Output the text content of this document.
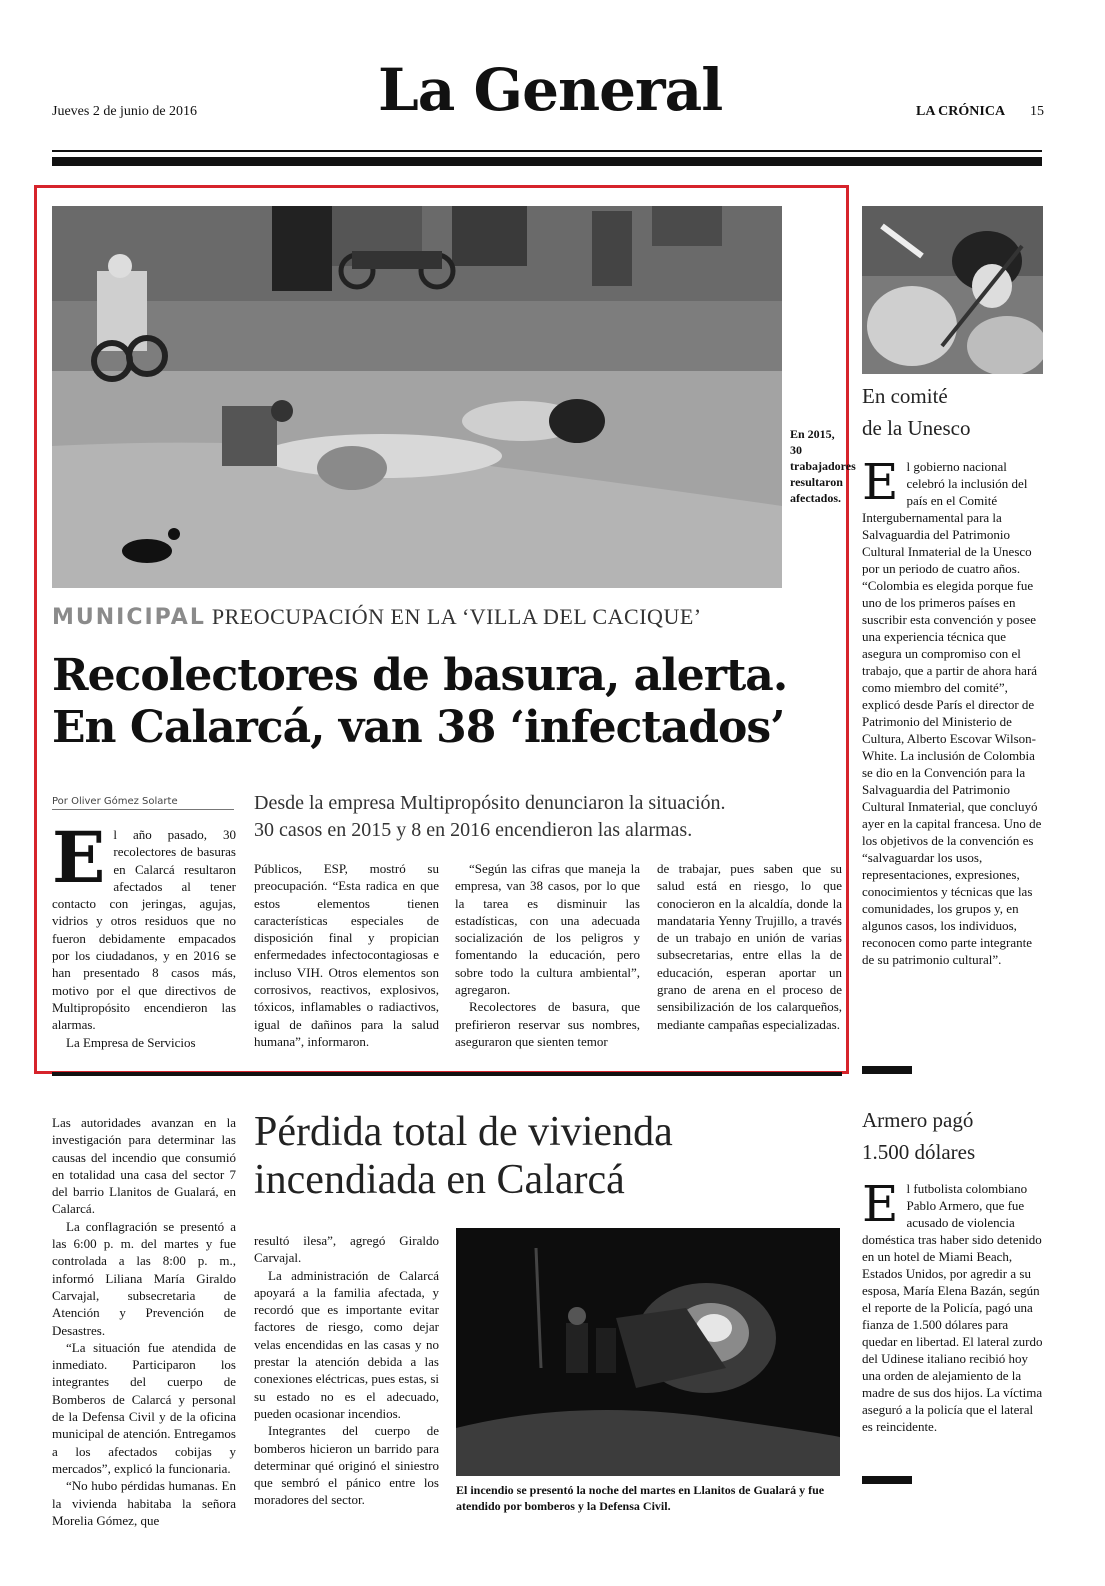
Jueves 2 de junio de 2016	La General	LA CRÓNICA 15
En 2015, 30 trabajadores resultaron afectados.
MUNICIPAL PREOCUPACIÓN EN LA ‘VILLA DEL CACIQUE’
Recolectores de basura, alerta.
En Calarcá, van 38 ‘infectados’
Por Oliver Gómez Solarte	Desde la empresa Multipropósito denunciaron la situación.
30 casos en 2015 y 8 en 2016 encendieron las alarmas.
E l año pasado, 30 recolectores de basuras en Calarcá resultaron afectados al tener contacto con jeringas, agujas, vidrios y otros residuos que no fueron debidamente empacados por los ciudadanos, y en 2016 se han presentado 8 casos más, motivo por el que directivos de Multipropósito encendieron las alarmas.

La Empresa de Servicios

Públicos, ESP, mostró su preocupación. “Esta radica en que estos elementos tienen características especiales de disposición final y propician enfermedades infectocontagiosas e incluso VIH. Otros elementos son corrosivos, reactivos, explosivos, tóxicos, inflamables o radiactivos, igual de dañinos para la salud humana”, informaron.

“Según las cifras que maneja la empresa, van 38 casos, por lo que la tarea es disminuir las estadísticas, con una adecuada socialización de los peligros y fomentando la educación, pero sobre todo la cultura ambiental”, agregaron.

Recolectores de basura, que prefirieron reservar sus nombres, aseguraron que sienten temor

de trabajar, pues saben que su salud está en riesgo, lo que conocieron en la alcaldía, donde la mandataria Yenny Trujillo, a través de un trabajo en unión de varias subsecretarias, entre ellas la de educación, esperan aportar un grano de arena en el proceso de sensibilización de los calarqueños, mediante campañas especializadas.

En comité
de la Unesco
E l gobierno nacional celebró la inclusión del país en el Comité Intergubernamental para la Salvaguardia del Patrimonio Cultural Inmaterial de la Unesco por un periodo de cuatro años. “Colombia es elegida porque fue uno de los primeros países en suscribir esta convención y posee una experiencia técnica que asegura un compromiso con el trabajo, que a partir de ahora hará como miembro del comité”, explicó desde París el director de Patrimonio del Ministerio de Cultura, Alberto Escovar Wilson-White. La inclusión de Colombia se dio en la Convención para la Salvaguardia del Patrimonio Cultural Inmaterial, que concluyó ayer en la capital francesa. Uno de los objetivos de la convención es “salvaguardar los usos, representaciones, expresiones, conocimientos y técnicas que las comunidades, los grupos y, en algunos casos, los individuos, reconocen como parte integrante de su patrimonio cultural”.

Las autoridades avanzan en la investigación para determinar las causas del incendio que consumió en totalidad una casa del sector 7 del barrio Llanitos de Gualará, en Calarcá.

La conflagración se presentó a las 6:00 p. m. del martes y fue controlada a las 8:00 p. m., informó Liliana María Giraldo Carvajal, subsecretaria de Atención y Prevención de Desastres.

“La situación fue atendida de inmediato. Participaron los integrantes del cuerpo de Bomberos de Calarcá y personal de la Defensa Civil y de la oficina municipal de atención. Entregamos a los afectados cobijas y mercados”, explicó la funcionaria.

“No hubo pérdidas humanas. En la vivienda habitaba la señora Morelia Gómez, que

Pérdida total de vivienda
incendiada en Calarcá

resultó ilesa”, agregó Giraldo Carvajal.

La administración de Calarcá apoyará a la familia afectada, y recordó que es importante evitar factores de riesgo, como dejar velas encendidas en las casas y no prestar la atención debida a las conexiones eléctricas, pues estas, si su estado no es el adecuado, pueden ocasionar incendios.

Integrantes del cuerpo de bomberos hicieron un barrido para determinar qué originó el siniestro que sembró el pánico entre los moradores del sector.

El incendio se presentó la noche del martes en Llanitos de Gualará y fue atendido por bomberos y la Defensa Civil.
Armero pagó
1.500 dólares
E l futbolista colombiano Pablo Armero, que fue acusado de violencia doméstica tras haber sido detenido en un hotel de Miami Beach, Estados Unidos, por agredir a su esposa, María Elena Bazán, según el reporte de la Policía, pagó una fianza de 1.500 dólares para quedar en libertad. El lateral zurdo del Udinese italiano recibió hoy una orden de alejamiento de la madre de sus dos hijos. La víctima aseguró a la policía que el lateral es reincidente.
